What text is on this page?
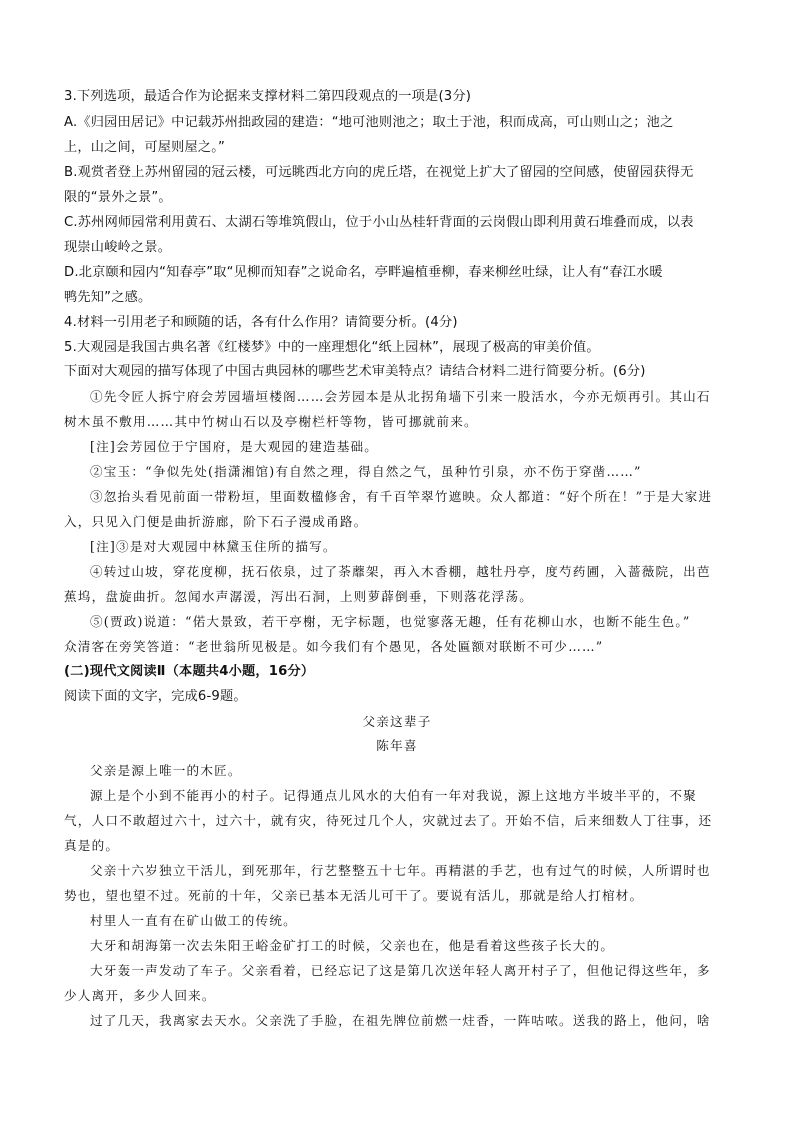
3.下列选项，最适合作为论据来支撑材料二第四段观点的一项是(3分)
A.《归园田居记》中记载苏州拙政园的建造：“地可池则池之；取土于池，积而成高，可山则山之；池之
上，山之间，可屋则屋之。”
B.观赏者登上苏州留园的冠云楼，可远眺西北方向的虎丘塔，在视觉上扩大了留园的空间感，使留园获得无
限的“景外之景”。
C.苏州网师园常利用黄石、太湖石等堆筑假山，位于小山丛桂轩背面的云岗假山即利用黄石堆叠而成，以表
现崇山峻岭之景。
D.北京颐和园内“知春亭”取“见柳而知春”之说命名，亭畔遍植垂柳，春来柳丝吐绿，让人有“春江水暖
鸭先知”之感。
4.材料一引用老子和顾随的话，各有什么作用？请简要分析。(4分)
5.大观园是我国古典名著《红楼梦》中的一座理想化“纸上园林”，展现了极高的审美价值。
下面对大观园的描写体现了中国古典园林的哪些艺术审美特点？请结合材料二进行简要分析。(6分)
①先令匠人拆宁府会芳园墙垣楼阁……会芳园本是从北拐角墙下引来一股活水，今亦无烦再引。其山石
树木虽不敷用……其中竹树山石以及亭榭栏杆等物，皆可挪就前来。
[注]会芳园位于宁国府，是大观园的建造基础。
②宝玉：“争似先处(指潇湘馆)有自然之理，得自然之气，虽种竹引泉，亦不伤于穿凿……”
③忽抬头看见前面一带粉垣，里面数楹修舍，有千百竿翠竹遮映。众人都道：“好个所在！”于是大家进
入，只见入门便是曲折游廊，阶下石子漫成甬路。
[注]③是对大观园中林黛玉住所的描写。
④转过山坡，穿花度柳，抚石依泉，过了荼蘼架，再入木香棚，越牡丹亭，度芍药圃，入蔷薇院，出芭
蕉坞，盘旋曲折。忽闻水声潺湲，泻出石洞，上则萝薜倒垂，下则落花浮荡。
⑤(贾政)说道：“偌大景致，若干亭榭，无字标题，也觉寥落无趣，任有花柳山水，也断不能生色。”
众清客在旁笑答道：“老世翁所见极是。如今我们有个愚见，各处匾额对联断不可少……”
(二)现代文阅读Ⅱ（本题共4小题，16分）
阅读下面的文字，完成6-9题。
父亲这辈子
陈年喜
父亲是源上唯一的木匠。
源上是个小到不能再小的村子。记得通点儿风水的大伯有一年对我说，源上这地方半坡半平的，不聚
气，人口不敢超过六十，过六十，就有灾，待死过几个人，灾就过去了。开始不信，后来细数人丁往事，还
真是的。
父亲十六岁独立干活儿，到死那年，行艺整整五十七年。再精湛的手艺，也有过气的时候，人所谓时也
势也，望也望不过。死前的十年，父亲已基本无活儿可干了。要说有活儿，那就是给人打棺材。
村里人一直有在矿山做工的传统。
大牙和胡海第一次去朱阳王峪金矿打工的时候，父亲也在，他是看着这些孩子长大的。
大牙轰一声发动了车子。父亲看着，已经忘记了这是第几次送年轻人离开村子了，但他记得这些年，多
少人离开，多少人回来。
过了几天，我离家去天水。父亲洗了手脸，在祖先牌位前燃一炷香，一阵咕哝。送我的路上，他问，啥
